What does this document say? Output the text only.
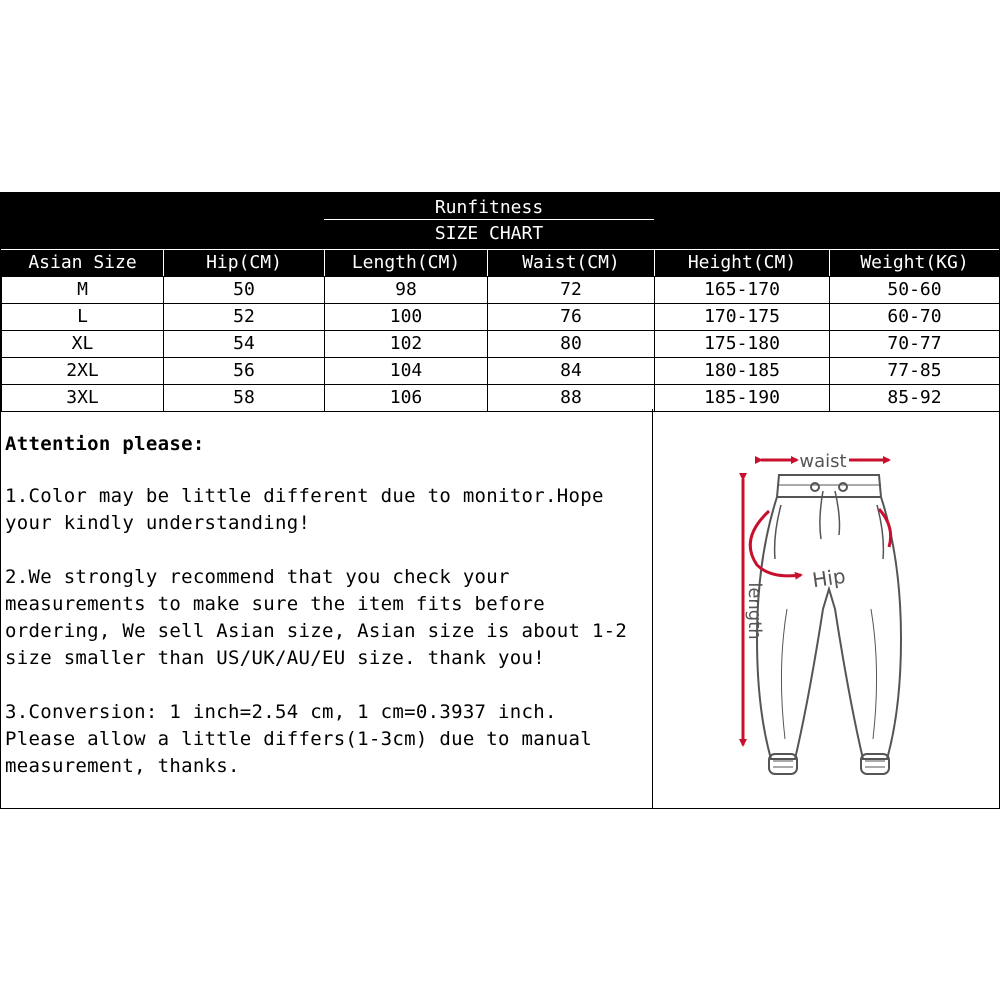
Runfitness
SIZE CHART
Asian Size	Hip(CM)	Length(CM)	Waist(CM)	Height(CM)	Weight(KG)
M	50	98	72	165-170	50-60
L	52	100	76	170-175	60-70
XL	54	102	80	175-180	70-77
2XL	56	104	84	180-185	77-85
3XL	58	106	88	185-190	85-92
Attention please:

1.Color may be little different due to monitor.Hope
your kindly understanding!

2.We strongly recommend that you check your
measurements to make sure the item fits before
ordering, We sell Asian size, Asian size is about 1-2
size smaller than US/UK/AU/EU size. thank you!

3.Conversion: 1 inch=2.54 cm, 1 cm=0.3937 inch.
Please allow a little differs(1-3cm) due to manual
measurement, thanks.

waist
length
Hip
